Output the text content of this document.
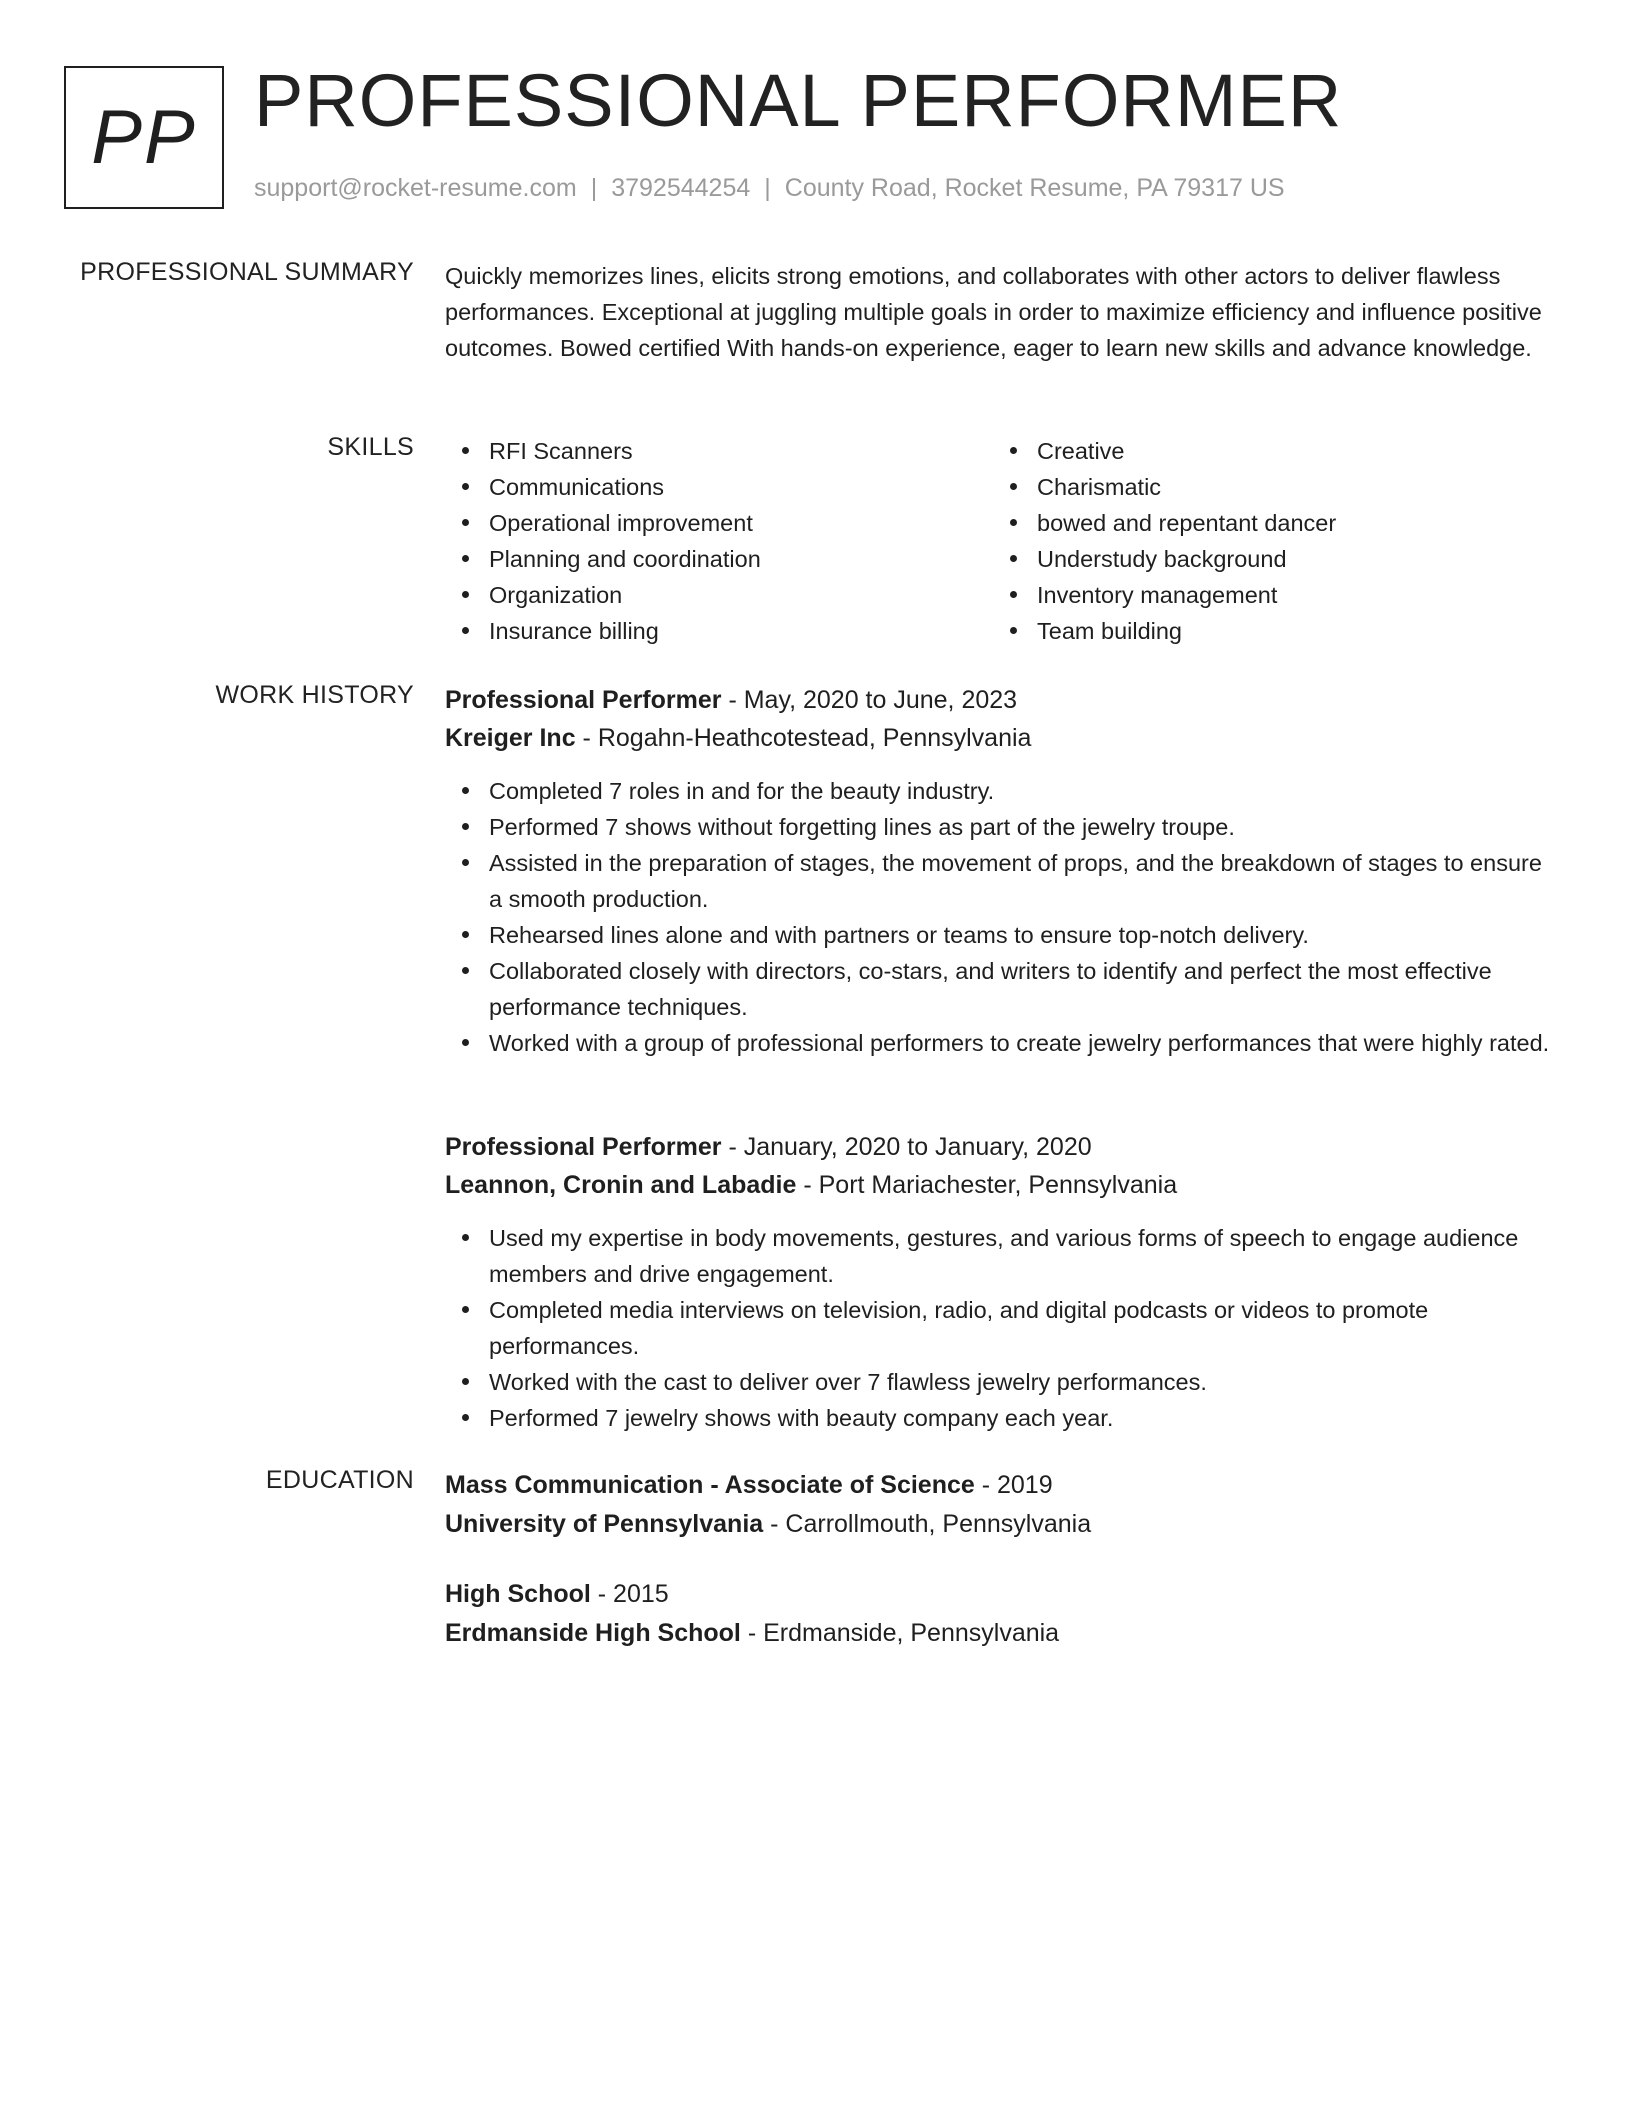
PP PROFESSIONAL PERFORMER
support@rocket-resume.com | 3792544254 | County Road, Rocket Resume, PA 79317 US
PROFESSIONAL SUMMARY Quickly memorizes lines, elicits strong emotions, and collaborates with other actors to deliver flawless performances. Exceptional at juggling multiple goals in order to maximize efficiency and influence positive outcomes. Bowed certified With hands-on experience, eager to learn new skills and advance knowledge.
SKILLS	RFI Scanners
Communications
Operational improvement
Planning and coordination
Organization
Insurance billing
Creative
Charismatic
bowed and repentant dancer
Understudy background
Inventory management
Team building
WORK HISTORY Professional Performer - May, 2020 to June, 2023
Kreiger Inc - Rogahn-Heathcotestead, Pennsylvania
Completed 7 roles in and for the beauty industry.
Performed 7 shows without forgetting lines as part of the jewelry troupe.
Assisted in the preparation of stages, the movement of props, and the breakdown of stages to ensure a smooth production.
Rehearsed lines alone and with partners or teams to ensure top-notch delivery.
Collaborated closely with directors, co-stars, and writers to identify and perfect the most effective performance techniques.
Worked with a group of professional performers to create jewelry performances that were highly rated.
Professional Performer - January, 2020 to January, 2020
Leannon, Cronin and Labadie - Port Mariachester, Pennsylvania
Used my expertise in body movements, gestures, and various forms of speech to engage audience members and drive engagement.
Completed media interviews on television, radio, and digital podcasts or videos to promote performances.
Worked with the cast to deliver over 7 flawless jewelry performances.
Performed 7 jewelry shows with beauty company each year.
EDUCATION Mass Communication - Associate of Science - 2019
University of Pennsylvania - Carrollmouth, Pennsylvania
High School - 2015
Erdmanside High School - Erdmanside, Pennsylvania
